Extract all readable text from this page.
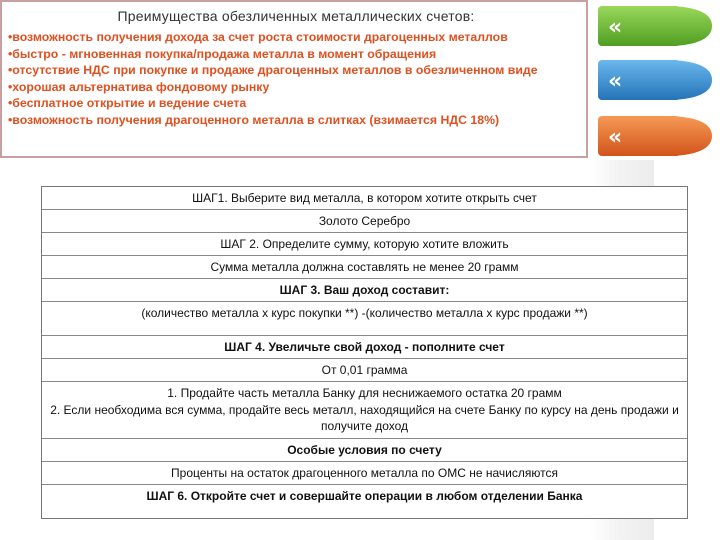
Преимущества обезличенных металлических счетов:
•возможность получения дохода за счет роста стоимости драгоценных металлов
•быстро - мгновенная покупка/продажа металла в момент обращения
•отсутствие НДС при покупке и продаже драгоценных металлов в обезличенном виде
•хорошая альтернатива фондовому рынку
•бесплатное открытие и ведение счета
•возможность получения драгоценного металла в слитках (взимается НДС 18%)
«
«
«
ШАГ1. Выберите вид металла, в котором хотите открыть счет
Золото Серебро
ШАГ 2. Определите сумму, которую хотите вложить
Сумма металла должна составлять не менее 20 грамм
ШАГ 3. Ваш доход составит:
(количество металла x курс покупки **) -(количество металла x курс продажи **)
ШАГ 4. Увеличьте свой доход - пополните счет
От 0,01 грамма
1. Продайте часть металла Банку для неснижаемого остатка 20 грамм
2. Если необходима вся сумма, продайте весь металл, находящийся на счете Банку по курсу на день продажи и получите доход
Особые условия по счету
Проценты на остаток драгоценного металла по ОМС не начисляются
ШАГ 6. Откройте счет и совершайте операции в любом отделении Банка
